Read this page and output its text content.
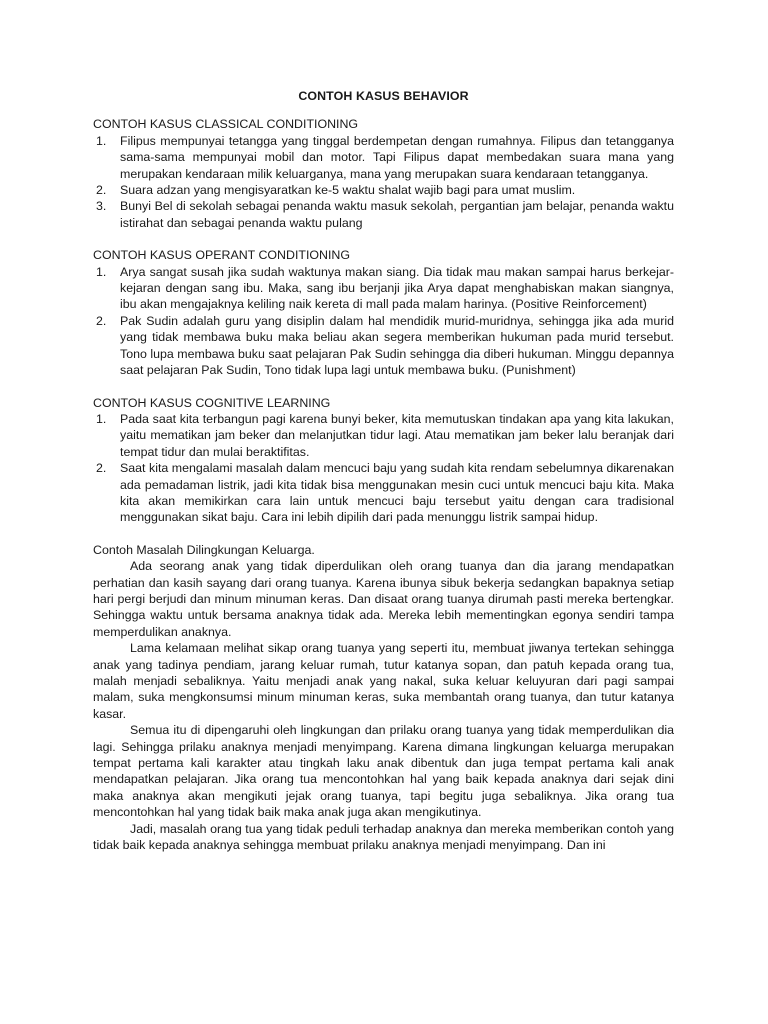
CONTOH KASUS BEHAVIOR
CONTOH KASUS CLASSICAL CONDITIONING
1. Filipus mempunyai tetangga yang tinggal berdempetan dengan rumahnya. Filipus dan tetangganya sama-sama mempunyai mobil dan motor. Tapi Filipus dapat membedakan suara mana yang merupakan kendaraan milik keluarganya, mana yang merupakan suara kendaraan tetangganya.
2. Suara adzan yang mengisyaratkan ke-5 waktu shalat wajib bagi para umat muslim.
3. Bunyi Bel di sekolah sebagai penanda waktu masuk sekolah, pergantian jam belajar, penanda waktu istirahat dan sebagai penanda waktu pulang
CONTOH KASUS OPERANT CONDITIONING
1. Arya sangat susah jika sudah waktunya makan siang. Dia tidak mau makan sampai harus berkejar-kejaran dengan sang ibu. Maka, sang ibu berjanji jika Arya dapat menghabiskan makan siangnya, ibu akan mengajaknya keliling naik kereta di mall pada malam harinya. (Positive Reinforcement)
2. Pak Sudin adalah guru yang disiplin dalam hal mendidik murid-muridnya, sehingga jika ada murid yang tidak membawa buku maka beliau akan segera memberikan hukuman pada murid tersebut. Tono lupa membawa buku saat pelajaran Pak Sudin sehingga dia diberi hukuman. Minggu depannya saat pelajaran Pak Sudin, Tono tidak lupa lagi untuk membawa buku. (Punishment)
CONTOH KASUS COGNITIVE LEARNING
1. Pada saat kita terbangun pagi karena bunyi beker, kita memutuskan tindakan apa yang kita lakukan, yaitu mematikan jam beker dan melanjutkan tidur lagi. Atau mematikan jam beker lalu beranjak dari tempat tidur dan mulai beraktifitas.
2. Saat kita mengalami masalah dalam mencuci baju yang sudah kita rendam sebelumnya dikarenakan ada pemadaman listrik, jadi kita tidak bisa menggunakan mesin cuci untuk mencuci baju kita. Maka kita akan memikirkan cara lain untuk mencuci baju tersebut yaitu dengan cara tradisional menggunakan sikat baju. Cara ini lebih dipilih dari pada menunggu listrik sampai hidup.
Contoh Masalah Dilingkungan Keluarga.

Ada seorang anak yang tidak diperdulikan oleh orang tuanya dan dia jarang mendapatkan perhatian dan kasih sayang dari orang tuanya. Karena ibunya sibuk bekerja sedangkan bapaknya setiap hari pergi berjudi dan minum minuman keras. Dan disaat orang tuanya dirumah pasti mereka bertengkar. Sehingga waktu untuk bersama anaknya tidak ada. Mereka lebih mementingkan egonya sendiri tampa memperdulikan anaknya.

Lama kelamaan melihat sikap orang tuanya yang seperti itu, membuat jiwanya tertekan sehingga anak yang tadinya pendiam, jarang keluar rumah, tutur katanya sopan, dan patuh kepada orang tua, malah menjadi sebaliknya. Yaitu menjadi anak yang nakal, suka keluar keluyuran dari pagi sampai malam, suka mengkonsumsi minum minuman keras, suka membantah orang tuanya, dan tutur katanya kasar.

Semua itu di dipengaruhi oleh lingkungan dan prilaku orang tuanya yang tidak memperdulikan dia lagi. Sehingga prilaku anaknya menjadi menyimpang. Karena dimana lingkungan keluarga merupakan tempat pertama kali karakter atau tingkah laku anak dibentuk dan juga tempat pertama kali anak mendapatkan pelajaran. Jika orang tua mencontohkan hal yang baik kepada anaknya dari sejak dini maka anaknya akan mengikuti jejak orang tuanya, tapi begitu juga sebaliknya. Jika orang tua mencontohkan hal yang tidak baik maka anak juga akan mengikutinya.

Jadi, masalah orang tua yang tidak peduli terhadap anaknya dan mereka memberikan contoh yang tidak baik kepada anaknya sehingga membuat prilaku anaknya menjadi menyimpang. Dan ini
